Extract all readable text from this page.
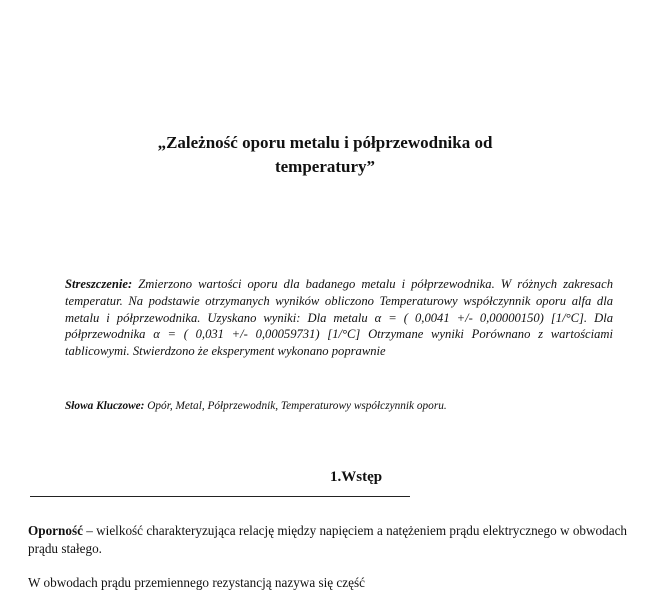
„Zależność oporu metalu i półprzewodnika od
temperatury”
Streszczenie: Zmierzono wartości oporu dla badanego metalu i półprzewodnika. W różnych zakresach temperatur. Na podstawie otrzymanych wyników obliczono Temperaturowy współczynnik oporu alfa dla metalu i półprzewodnika. Uzyskano wyniki: Dla metalu α = ( 0,0041 +/- 0,00000150) [1/°C]. Dla półprzewodnika α = ( 0,031 +/- 0,00059731) [1/°C] Otrzymane wyniki Porównano z wartościami tablicowymi. Stwierdzono że eksperyment wykonano poprawnie
Słowa Kluczowe: Opór, Metal, Półprzewodnik, Temperaturowy współczynnik oporu.
1.Wstęp
Oporność – wielkość charakteryzująca relację między napięciem a natężeniem prądu elektrycznego w obwodach prądu stałego.
W obwodach prądu przemiennego rezystancją nazywa się część
